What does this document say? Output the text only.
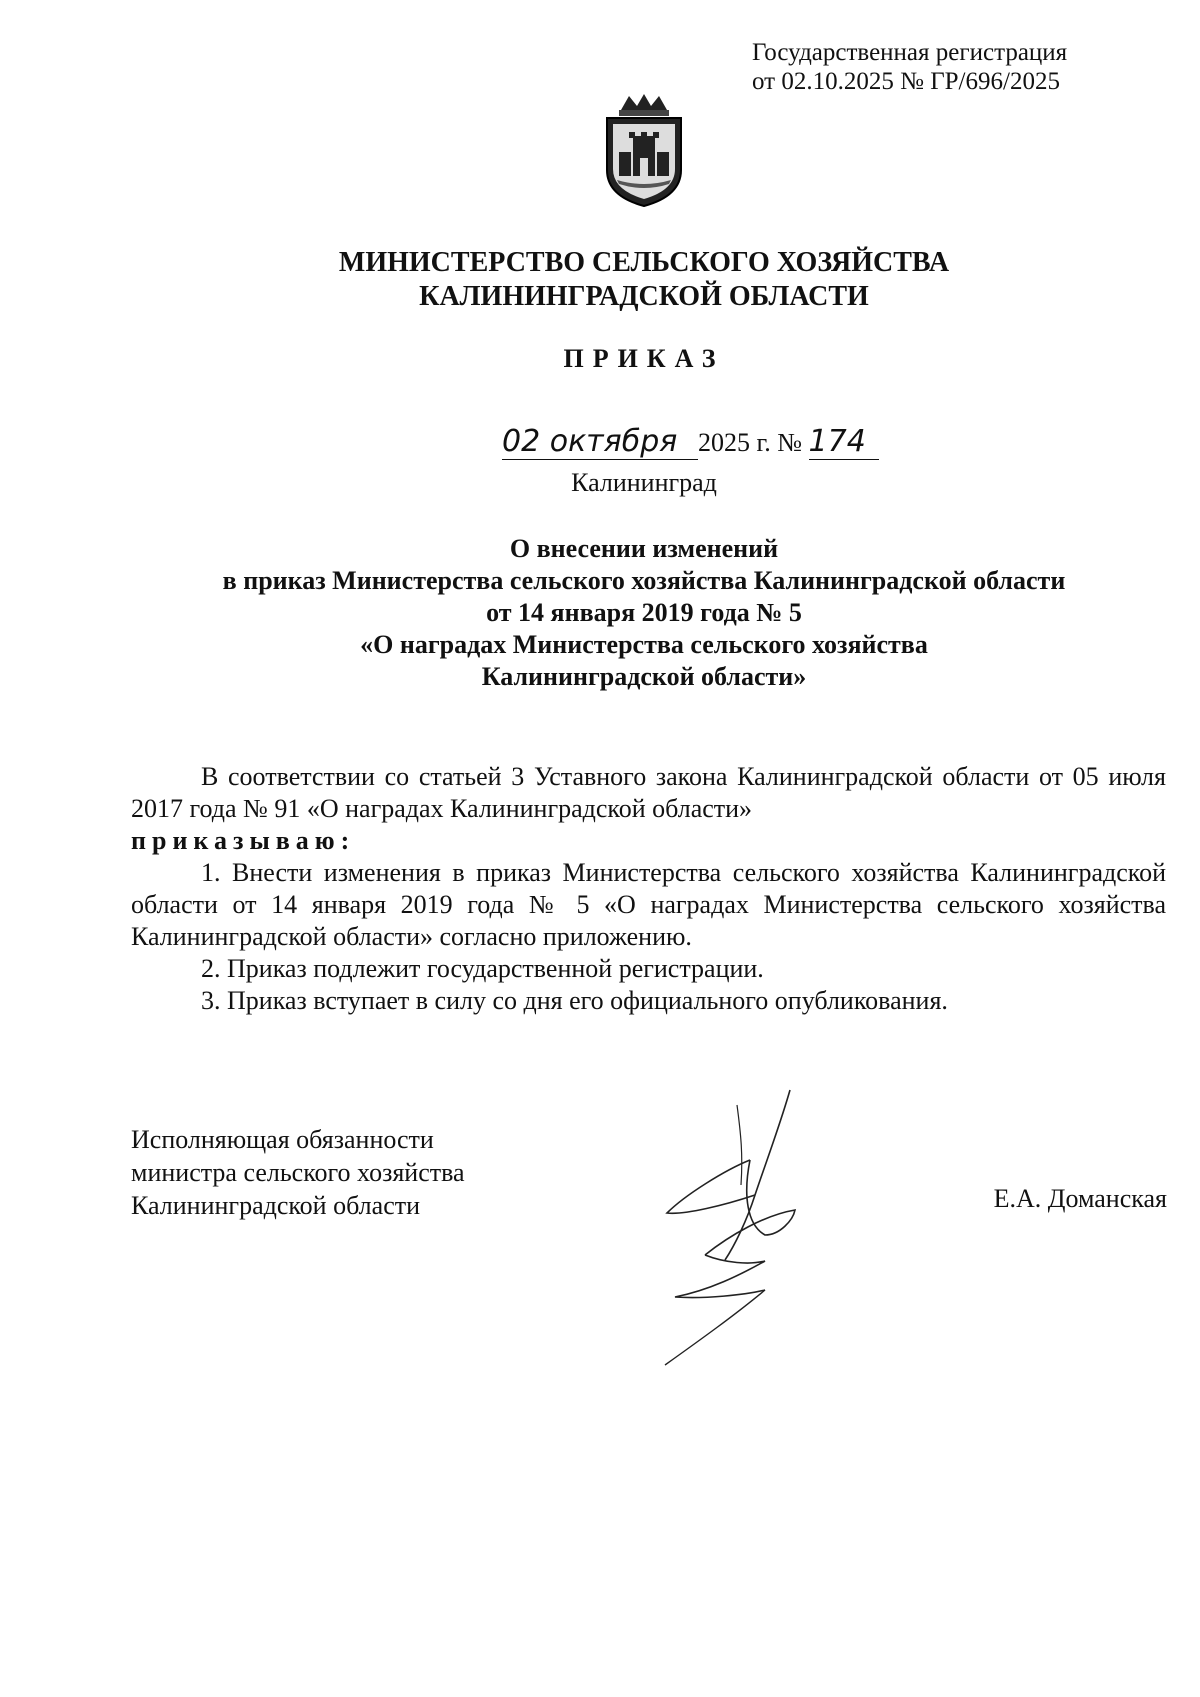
Государственная регистрация
от 02.10.2025 № ГР/696/2025
МИНИСТЕРСТВО СЕЛЬСКОГО ХОЗЯЙСТВА
КАЛИНИНГРАДСКОЙ ОБЛАСТИ
ПРИКАЗ
02 октября 2025 г. № 174
Калининград
О внесении изменений
в приказ Министерства сельского хозяйства Калининградской области
от 14 января 2019 года № 5
«О наградах Министерства сельского хозяйства
Калининградской области»

В соответствии со статьей 3 Уставного закона Калининградской области от 05 июля 2017 года № 91 «О наградах Калининградской области»

приказываю:

1. Внести изменения в приказ Министерства сельского хозяйства Калининградской области от 14 января 2019 года № 5 «О наградах Министерства сельского хозяйства Калининградской области» согласно приложению.

2. Приказ подлежит государственной регистрации.

3. Приказ вступает в силу со дня его официального опубликования.

Исполняющая обязанности
министра сельского хозяйства
Калининградской области	Е.А. Доманская
